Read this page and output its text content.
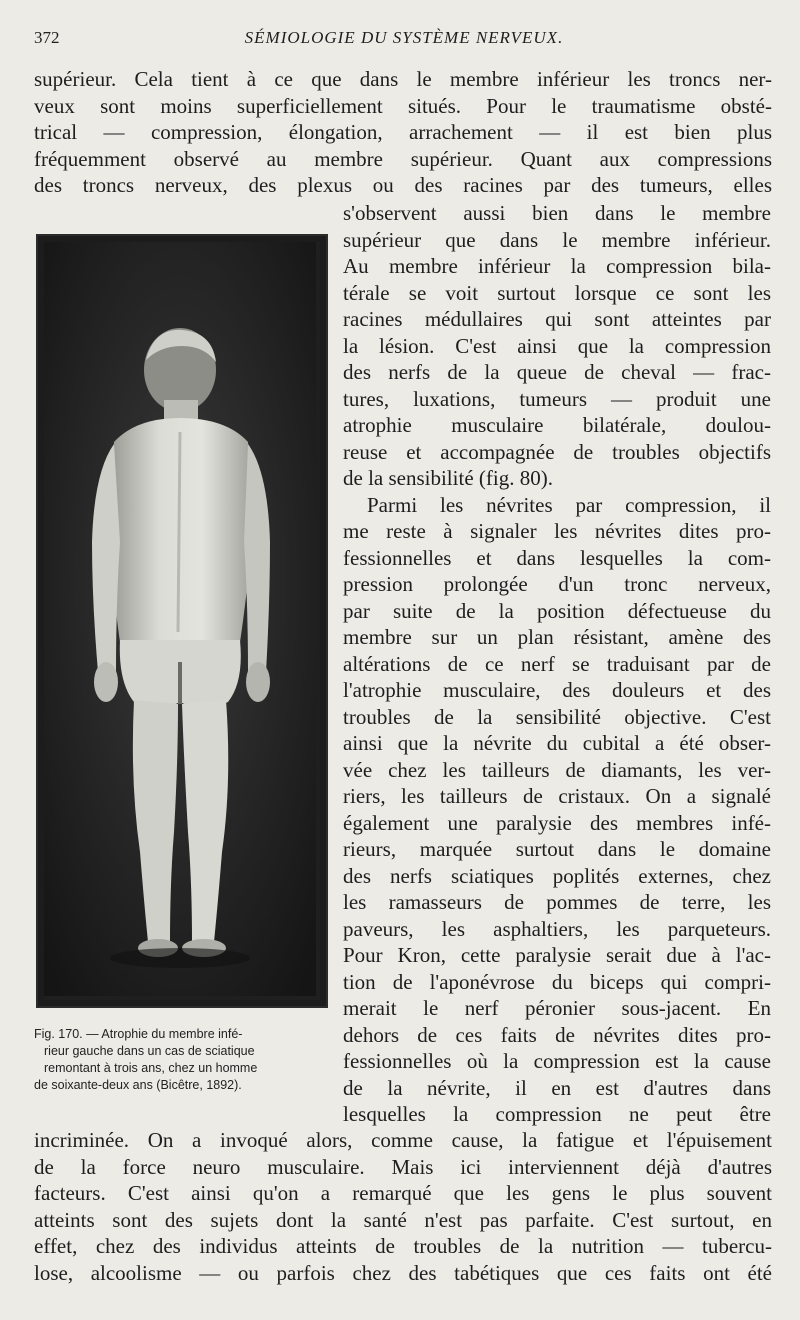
372	SÉMIOLOGIE DU SYSTÈME NERVEUX.
supérieur. Cela tient à ce que dans le membre inférieur les troncs ner-
veux sont moins superficiellement situés. Pour le traumatisme obsté-
trical — compression, élongation, arrachement — il est bien plus
fréquemment observé au membre supérieur. Quant aux compressions
des troncs nerveux, des plexus ou des racines par des tumeurs, elles
s'observent aussi bien dans le membre
supérieur que dans le membre inférieur.
Au membre inférieur la compression bila-
térale se voit surtout lorsque ce sont les
racines médullaires qui sont atteintes par
la lésion. C'est ainsi que la compression
des nerfs de la queue de cheval — frac-
tures, luxations, tumeurs — produit une
atrophie musculaire bilatérale, doulou-
reuse et accompagnée de troubles objectifs
de la sensibilité (fig. 80).
Parmi les névrites par compression, il
me reste à signaler les névrites dites pro-
fessionnelles et dans lesquelles la com-
pression prolongée d'un tronc nerveux,
par suite de la position défectueuse du
membre sur un plan résistant, amène des
altérations de ce nerf se traduisant par de
l'atrophie musculaire, des douleurs et des
troubles de la sensibilité objective. C'est
ainsi que la névrite du cubital a été obser-
vée chez les tailleurs de diamants, les ver-
riers, les tailleurs de cristaux. On a signalé
également une paralysie des membres infé-
rieurs, marquée surtout dans le domaine
des nerfs sciatiques poplités externes, chez
les ramasseurs de pommes de terre, les
paveurs, les asphaltiers, les parqueteurs.
Pour Kron, cette paralysie serait due à l'ac-
tion de l'aponévrose du biceps qui compri-
merait le nerf péronier sous-jacent. En
dehors de ces faits de névrites dites pro-
fessionnelles où la compression est la cause
de la névrite, il en est d'autres dans
lesquelles la compression ne peut être
Fig. 170. — Atrophie du membre infé-
rieur gauche dans un cas de sciatique
remontant à trois ans, chez un homme
de soixante-deux ans (Bicêtre, 1892).
incriminée. On a invoqué alors, comme cause, la fatigue et l'épuisement
de la force neuro musculaire. Mais ici interviennent déjà d'autres
facteurs. C'est ainsi qu'on a remarqué que les gens le plus souvent
atteints sont des sujets dont la santé n'est pas parfaite. C'est surtout, en
effet, chez des individus atteints de troubles de la nutrition — tubercu-
lose, alcoolisme — ou parfois chez des tabétiques que ces faits ont été
